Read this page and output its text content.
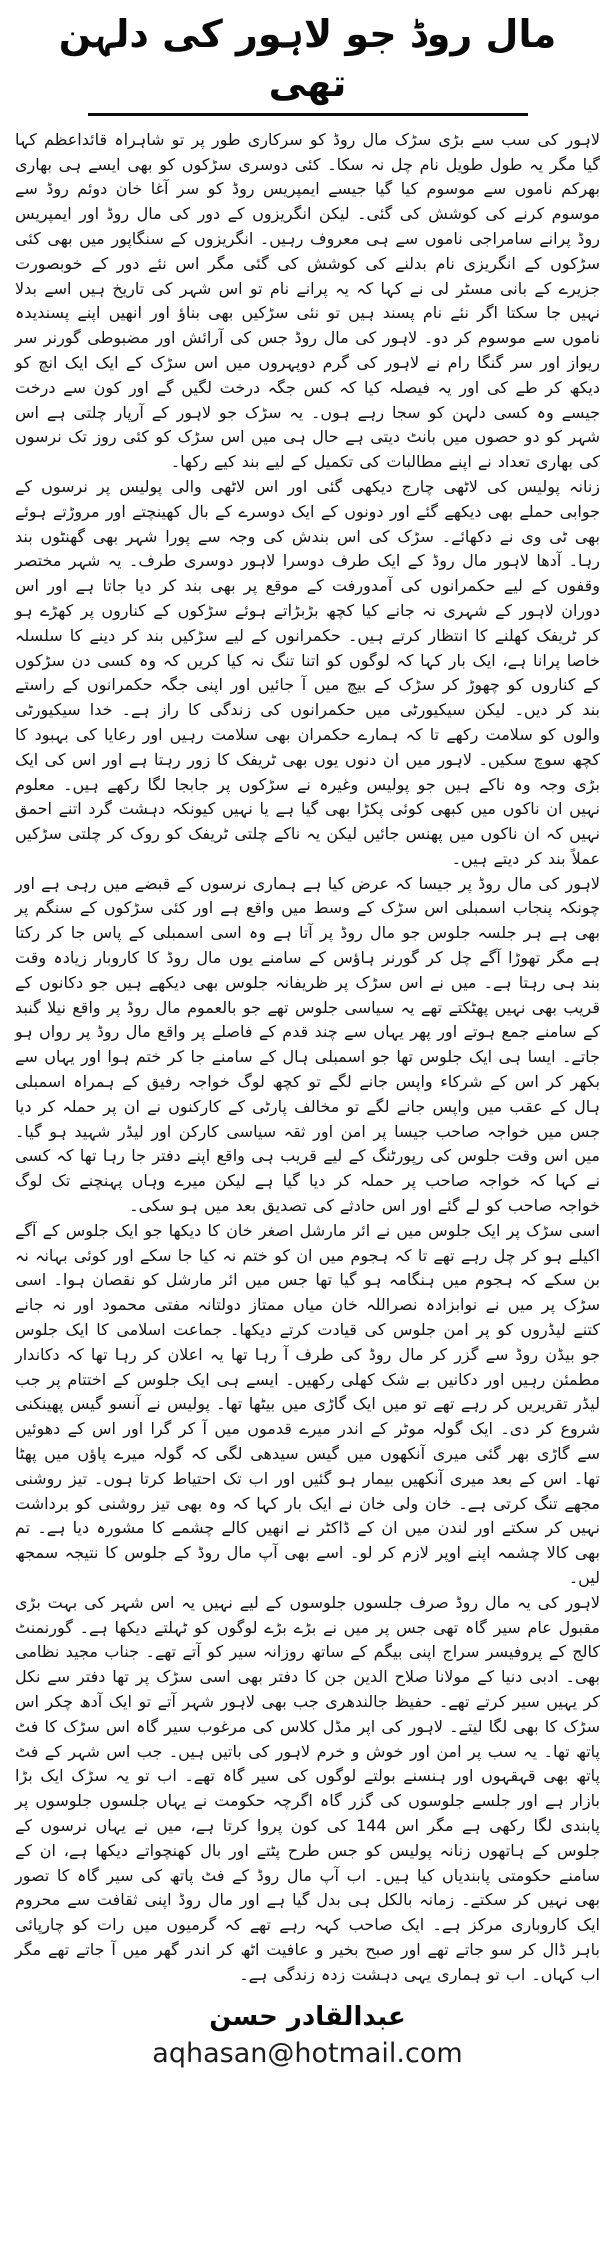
مال روڈ جو لاہور کی دلہن تھی

لاہور کی سب سے بڑی سڑک مال روڈ کو سرکاری طور پر تو شاہراہ قائداعظم کہا گیا مگر یہ طول طویل نام چل نہ سکا۔ کئی دوسری سڑکوں کو بھی ایسے ہی بھاری بھرکم ناموں سے موسوم کیا گیا جیسے ایمپریس روڈ کو سر آغا خان دوئم روڈ سے موسوم کرنے کی کوشش کی گئی۔ لیکن انگریزوں کے دور کی مال روڈ اور ایمپریس روڈ پرانے سامراجی ناموں سے ہی معروف رہیں۔ انگریزوں کے سنگاپور میں بھی کئی سڑکوں کے انگریزی نام بدلنے کی کوشش کی گئی مگر اس نئے دور کے خوبصورت جزیرے کے بانی مسٹر لی نے کہا کہ یہ پرانے نام تو اس شہر کی تاریخ ہیں اسے بدلا نہیں جا سکتا اگر نئے نام پسند ہیں تو نئی سڑکیں بھی بناؤ اور انھیں اپنے پسندیدہ ناموں سے موسوم کر دو۔ لاہور کی مال روڈ جس کی آرائش اور مضبوطی گورنر سر ریواز اور سر گنگا رام نے لاہور کی گرم دوپہروں میں اس سڑک کے ایک ایک انچ کو دیکھ کر طے کی اور یہ فیصلہ کیا کہ کس جگہ درخت لگیں گے اور کون سے درخت جیسے وہ کسی دلہن کو سجا رہے ہوں۔ یہ سڑک جو لاہور کے آرپار چلتی ہے اس شہر کو دو حصوں میں بانٹ دیتی ہے حال ہی میں اس سڑک کو کئی روز تک نرسوں کی بھاری تعداد نے اپنے مطالبات کی تکمیل کے لیے بند کیے رکھا۔

زنانہ پولیس کی لاٹھی چارج دیکھی گئی اور اس لاٹھی والی پولیس پر نرسوں کے جوابی حملے بھی دیکھے گئے اور دونوں کے ایک دوسرے کے بال کھینچتے اور مروڑتے ہوئے بھی ٹی وی نے دکھائے۔ سڑک کی اس بندش کی وجہ سے پورا شہر بھی گھنٹوں بند رہا۔ آدھا لاہور مال روڈ کے ایک طرف دوسرا لاہور دوسری طرف۔ یہ شہر مختصر وقفوں کے لیے حکمرانوں کی آمدورفت کے موقع پر بھی بند کر دیا جاتا ہے اور اس دوران لاہور کے شہری نہ جانے کیا کچھ بڑبڑاتے ہوئے سڑکوں کے کناروں پر کھڑے ہو کر ٹریفک کھلنے کا انتظار کرتے ہیں۔ حکمرانوں کے لیے سڑکیں بند کر دینے کا سلسلہ خاصا پرانا ہے، ایک بار کہا کہ لوگوں کو اتنا تنگ نہ کیا کریں کہ وہ کسی دن سڑکوں کے کناروں کو چھوڑ کر سڑک کے بیچ میں آ جائیں اور اپنی جگہ حکمرانوں کے راستے بند کر دیں۔ لیکن سیکیورٹی میں حکمرانوں کی زندگی کا راز ہے۔ خدا سیکیورٹی والوں کو سلامت رکھے تا کہ ہمارے حکمران بھی سلامت رہیں اور رعایا کی بہبود کا کچھ سوچ سکیں۔ لاہور میں ان دنوں یوں بھی ٹریفک کا زور رہتا ہے اور اس کی ایک بڑی وجہ وہ ناکے ہیں جو پولیس وغیرہ نے سڑکوں پر جابجا لگا رکھے ہیں۔ معلوم نہیں ان ناکوں میں کبھی کوئی پکڑا بھی گیا ہے یا نہیں کیونکہ دہشت گرد اتنے احمق نہیں کہ ان ناکوں میں پھنس جائیں لیکن یہ ناکے چلتی ٹریفک کو روک کر چلتی سڑکیں عملاً بند کر دیتے ہیں۔

لاہور کی مال روڈ پر جیسا کہ عرض کیا ہے ہماری نرسوں کے قبضے میں رہی ہے اور چونکہ پنجاب اسمبلی اس سڑک کے وسط میں واقع ہے اور کئی سڑکوں کے سنگم پر بھی ہے ہر جلسہ جلوس جو مال روڈ پر آتا ہے وہ اسی اسمبلی کے پاس جا کر رکتا ہے مگر تھوڑا آگے چل کر گورنر ہاؤس کے سامنے یوں مال روڈ کا کاروبار زیادہ وقت بند ہی رہتا ہے۔ میں نے اس سڑک پر ظریفانہ جلوس بھی دیکھے ہیں جو دکانوں کے قریب بھی نہیں پھٹکتے تھے یہ سیاسی جلوس تھے جو بالعموم مال روڈ پر واقع نیلا گنبد کے سامنے جمع ہوتے اور پھر یہاں سے چند قدم کے فاصلے پر واقع مال روڈ پر رواں ہو جاتے۔ ایسا ہی ایک جلوس تھا جو اسمبلی ہال کے سامنے جا کر ختم ہوا اور یہاں سے بکھر کر اس کے شرکاء واپس جانے لگے تو کچھ لوگ خواجہ رفیق کے ہمراہ اسمبلی ہال کے عقب میں واپس جانے لگے تو مخالف پارٹی کے کارکنوں نے ان پر حملہ کر دیا جس میں خواجہ صاحب جیسا پر امن اور ثقہ سیاسی کارکن اور لیڈر شہید ہو گیا۔ میں اس وقت جلوس کی رپورٹنگ کے لیے قریب ہی واقع اپنے دفتر جا رہا تھا کہ کسی نے کہا کہ خواجہ صاحب پر حملہ کر دیا گیا ہے لیکن میرے وہاں پہنچنے تک لوگ خواجہ صاحب کو لے گئے اور اس حادثے کی تصدیق بعد میں ہو سکی۔

اسی سڑک پر ایک جلوس میں نے ائر مارشل اصغر خان کا دیکھا جو ایک جلوس کے آگے اکیلے ہو کر چل رہے تھے تا کہ ہجوم میں ان کو ختم نہ کیا جا سکے اور کوئی بہانہ نہ بن سکے کہ ہجوم میں ہنگامہ ہو گیا تھا جس میں ائر مارشل کو نقصان ہوا۔ اسی سڑک پر میں نے نوابزادہ نصراللہ خان میاں ممتاز دولتانہ مفتی محمود اور نہ جانے کتنے لیڈروں کو پر امن جلوس کی قیادت کرتے دیکھا۔ جماعت اسلامی کا ایک جلوس جو بیڈن روڈ سے گزر کر مال روڈ کی طرف آ رہا تھا یہ اعلان کر رہا تھا کہ دکاندار مطمئن رہیں اور دکانیں بے شک کھلی رکھیں۔ ایسے ہی ایک جلوس کے اختتام پر جب لیڈر تقریریں کر رہے تھے تو میں ایک گاڑی میں بیٹھا تھا۔ پولیس نے آنسو گیس پھینکنی شروع کر دی۔ ایک گولہ موٹر کے اندر میرے قدموں میں آ کر گرا اور اس کے دھوئیں سے گاڑی بھر گئی میری آنکھوں میں گیس سیدھی لگی کہ گولہ میرے پاؤں میں پھٹا تھا۔ اس کے بعد میری آنکھیں بیمار ہو گئیں اور اب تک احتیاط کرتا ہوں۔ تیز روشنی مجھے تنگ کرتی ہے۔ خان ولی خان نے ایک بار کہا کہ وہ بھی تیز روشنی کو برداشت نہیں کر سکتے اور لندن میں ان کے ڈاکٹر نے انھیں کالے چشمے کا مشورہ دیا ہے۔ تم بھی کالا چشمہ اپنے اوپر لازم کر لو۔ اسے بھی آپ مال روڈ کے جلوس کا نتیجہ سمجھ لیں۔

لاہور کی یہ مال روڈ صرف جلسوں جلوسوں کے لیے نہیں یہ اس شہر کی بہت بڑی مقبول عام سیر گاہ تھی جس پر میں نے بڑے بڑے لوگوں کو ٹہلتے دیکھا ہے۔ گورنمنٹ کالج کے پروفیسر سراج اپنی بیگم کے ساتھ روزانہ سیر کو آتے تھے۔ جناب مجید نظامی بھی۔ ادبی دنیا کے مولانا صلاح الدین جن کا دفتر بھی اسی سڑک پر تھا دفتر سے نکل کر یہیں سیر کرتے تھے۔ حفیظ جالندھری جب بھی لاہور شہر آتے تو ایک آدھ چکر اس سڑک کا بھی لگا لیتے۔ لاہور کی اپر مڈل کلاس کی مرغوب سیر گاہ اس سڑک کا فٹ پاتھ تھا۔ یہ سب پر امن اور خوش و خرم لاہور کی باتیں ہیں۔ جب اس شہر کے فٹ پاتھ بھی قہقہوں اور ہنسنے بولتے لوگوں کی سیر گاہ تھے۔ اب تو یہ سڑک ایک بڑا بازار ہے اور جلسے جلوسوں کی گزر گاہ اگرچہ حکومت نے یہاں جلسوں جلوسوں پر پابندی لگا رکھی ہے مگر اس 144 کی کون پروا کرتا ہے، میں نے یہاں نرسوں کے جلوس کے ہاتھوں زنانہ پولیس کو جس طرح پٹتے اور بال کھنچواتے دیکھا ہے، ان کے سامنے حکومتی پابندیاں کیا ہیں۔ اب آپ مال روڈ کے فٹ پاتھ کی سیر گاہ کا تصور بھی نہیں کر سکتے۔ زمانہ بالکل ہی بدل گیا ہے اور مال روڈ اپنی ثقافت سے محروم ایک کاروباری مرکز ہے۔ ایک صاحب کہہ رہے تھے کہ گرمیوں میں رات کو چارپائی باہر ڈال کر سو جاتے تھے اور صبح بخیر و عافیت اٹھ کر اندر گھر میں آ جاتے تھے مگر اب کہاں۔ اب تو ہماری یہی دہشت زدہ زندگی ہے۔

عبدالقادر حسن
aqhasan@hotmail.com
